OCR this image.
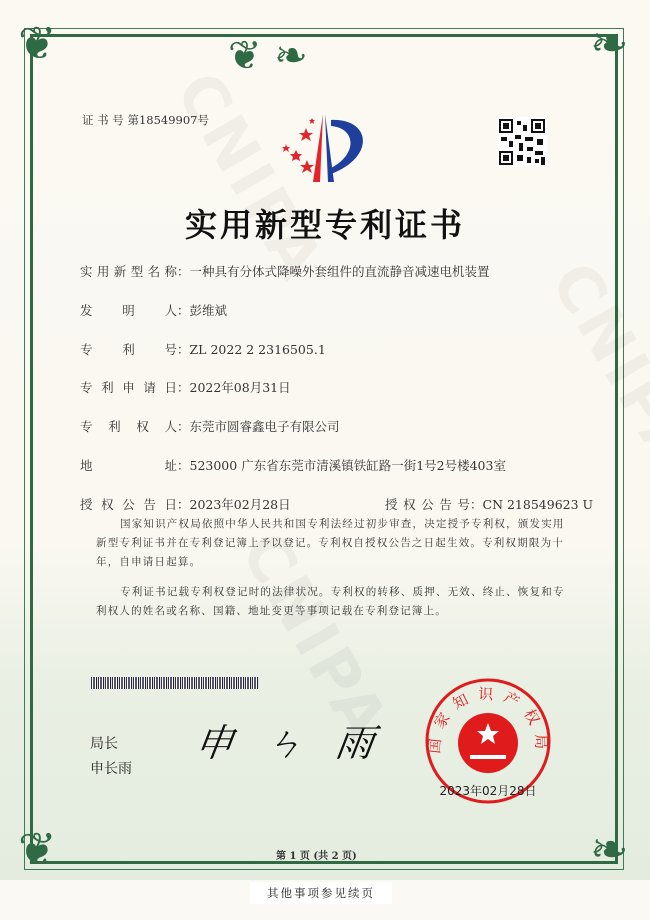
❦ ❧
❦	❧
❦	❧
证 书 号 第18549907号
实用新型专利证书
实用新型名称：一种具有分体式降噪外套组件的直流静音减速电机装置
发明人：彭维斌
专利号：ZL 2022 2 2316505.1
专利申请日：2022年08月31日
专利权人：东莞市圆睿鑫电子有限公司
地址：523000 广东省东莞市清溪镇铁缸路一街1号2号楼403室
授权公告日：2023年02月28日	授权公告号：CN 218549623 U
国家知识产权局依照中华人民共和国专利法经过初步审查，决定授予专利权，颁发实用新型专利证书并在专利登记簿上予以登记。专利权自授权公告之日起生效。专利权期限为十年，自申请日起算。
专利证书记载专利权登记时的法律状况。专利权的转移、质押、无效、终止、恢复和专利权人的姓名或名称、国籍、地址变更等事项记载在专利登记簿上。
局长
申长雨
申 ㄣ 雨	国家知识产权局
2023年02月28日
第 1 页 (共 2 页)
其他事项参见续页
